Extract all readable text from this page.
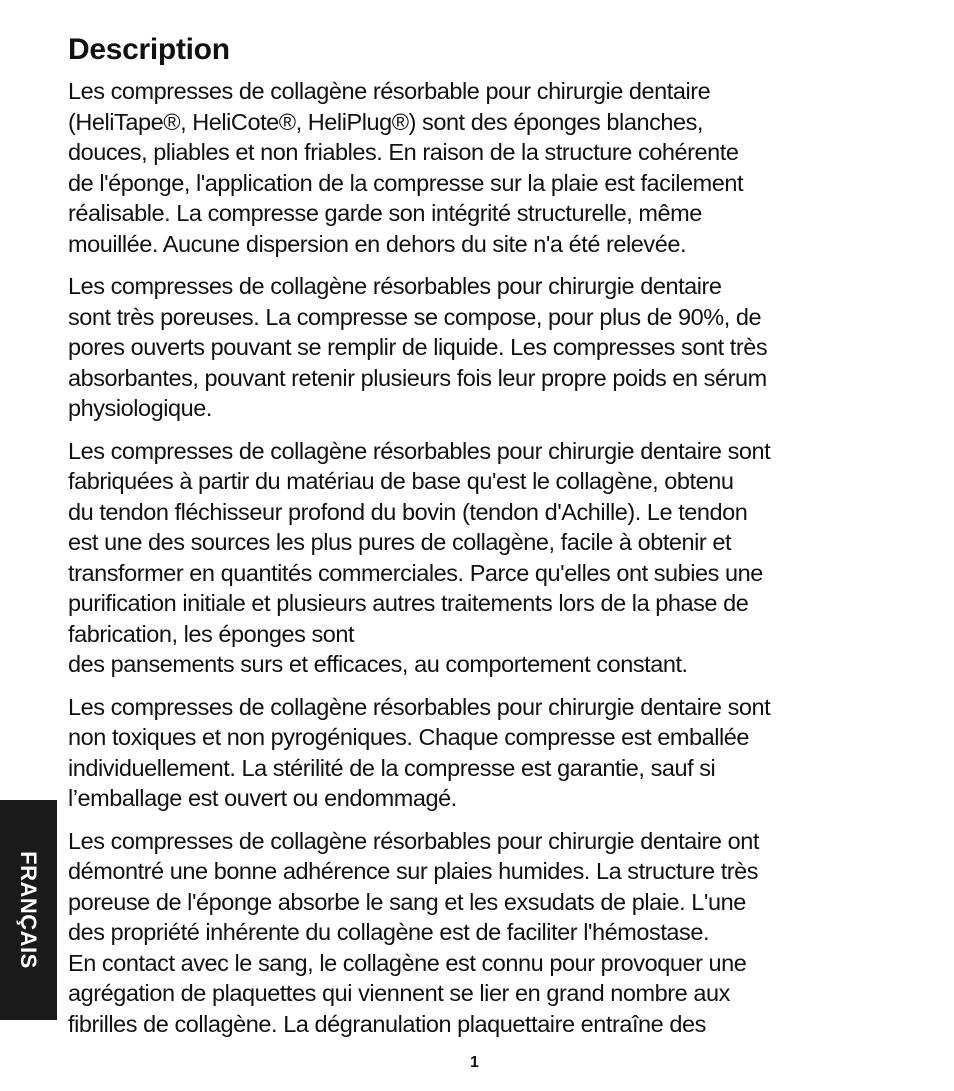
Description

Les compresses de collagène résorbable pour chirurgie dentaire
(HeliTape®, HeliCote®, HeliPlug®) sont des éponges blanches,
douces, pliables et non friables. En raison de la structure cohérente
de l'éponge, l'application de la compresse sur la plaie est facilement
réalisable. La compresse garde son intégrité structurelle, même
mouillée. Aucune dispersion en dehors du site n'a été relevée.

Les compresses de collagène résorbables pour chirurgie dentaire
sont très poreuses. La compresse se compose, pour plus de 90%, de
pores ouverts pouvant se remplir de liquide. Les compresses sont très
absorbantes, pouvant retenir plusieurs fois leur propre poids en sérum
physiologique.

Les compresses de collagène résorbables pour chirurgie dentaire sont
fabriquées à partir du matériau de base qu'est le collagène, obtenu
du tendon fléchisseur profond du bovin (tendon d'Achille). Le tendon
est une des sources les plus pures de collagène, facile à obtenir et
transformer en quantités commerciales. Parce qu'elles ont subies une
purification initiale et plusieurs autres traitements lors de la phase de
fabrication, les éponges sont
des pansements surs et efficaces, au comportement constant.

Les compresses de collagène résorbables pour chirurgie dentaire sont
non toxiques et non pyrogéniques. Chaque compresse est emballée
individuellement. La stérilité de la compresse est garantie, sauf si
l’emballage est ouvert ou endommagé.

Les compresses de collagène résorbables pour chirurgie dentaire ont
démontré une bonne adhérence sur plaies humides. La structure très
poreuse de l'éponge absorbe le sang et les exsudats de plaie. L'une
des propriété inhérente du collagène est de faciliter l'hémostase.
En contact avec le sang, le collagène est connu pour provoquer une
agrégation de plaquettes qui viennent se lier en grand nombre aux
fibrilles de collagène. La dégranulation plaquettaire entraîne des

FRANÇAIS
1
